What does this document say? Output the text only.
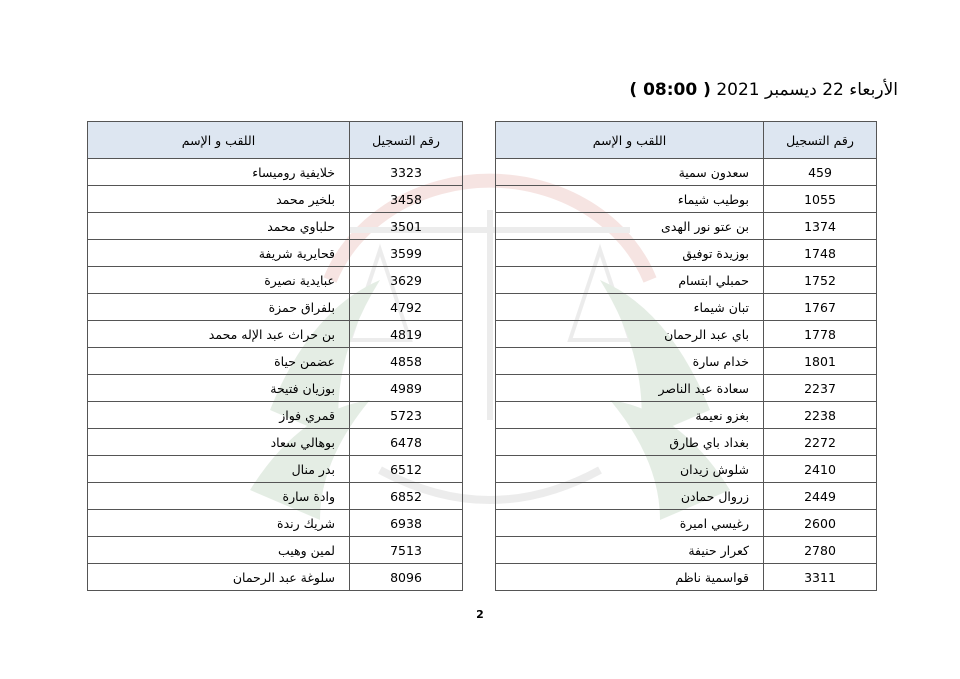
الأربعاء 22 ديسمبر 2021 ( 08:00 )
رقم التسجيل	اللقب و الإسم
459	سعدون سمية
1055	بوطيب شيماء
1374	بن عتو نور الهدى
1748	بوزيدة توفيق
1752	حمبلي ابتسام
1767	تبان شيماء
1778	باي عبد الرحمان
1801	خدام سارة
2237	سعادة عبد الناصر
2238	بغزو نعيمة
2272	بغداد باي طارق
2410	شلوش زيدان
2449	زروال حمادن
2600	رغيسي اميرة
2780	كعرار حنيفة
3311	قواسمية ناظم
رقم التسجيل	اللقب و الإسم
3323	خلايفية روميساء
3458	بلخير محمد
3501	حلباوي محمد
3599	قحايرية شريفة
3629	عبايدية نصيرة
4792	بلفراق حمزة
4819	بن حراث عبد الإله محمد
4858	عضمن حياة
4989	بوزيان فتيحة
5723	قمري فواز
6478	بوهالي سعاد
6512	بدر منال
6852	وادة سارة
6938	شريك رندة
7513	لمين وهيب
8096	سلوغة عبد الرحمان
2
